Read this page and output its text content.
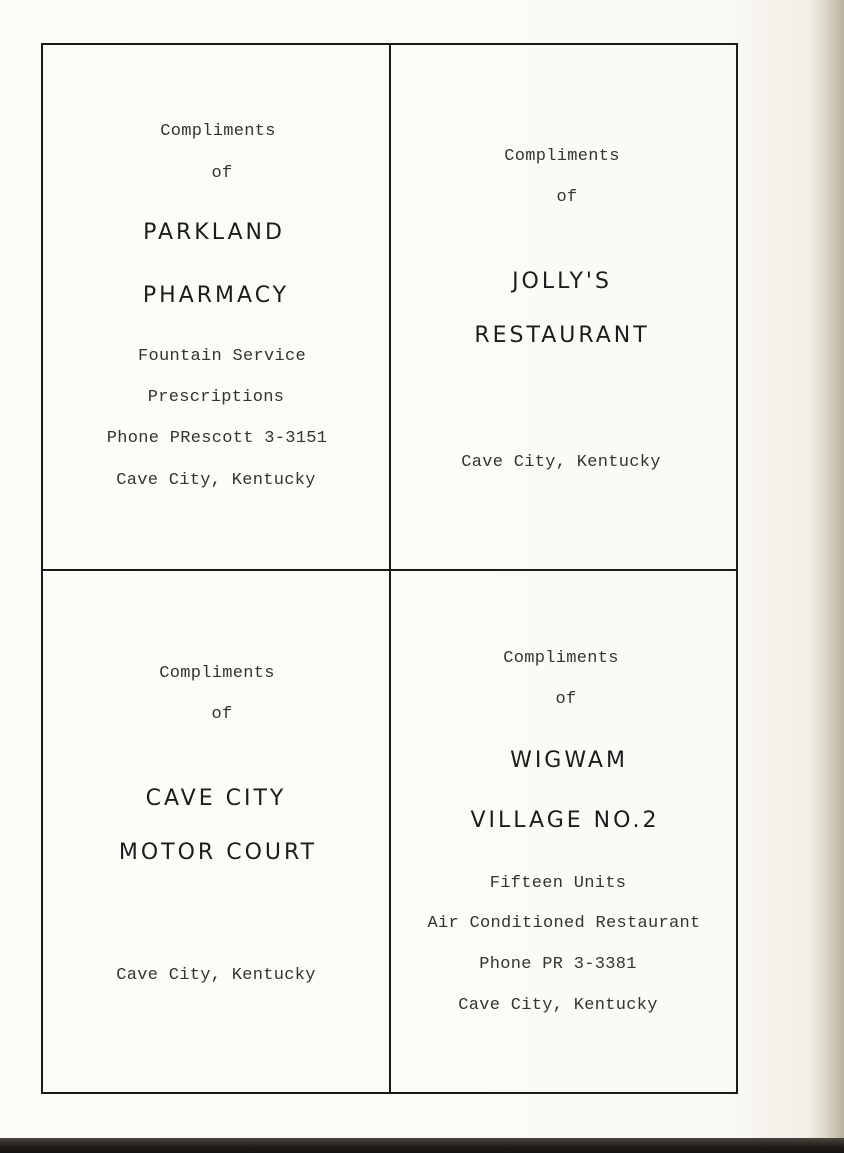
Compliments
of
PARKLAND
PHARMACY
Fountain Service
Prescriptions
Phone PRescott 3-3151
Cave City, Kentucky
Compliments
of
JOLLY'S
RESTAURANT
Cave City, Kentucky
Compliments
of
CAVE CITY
MOTOR COURT
Cave City, Kentucky
Compliments
of
WIGWAM
VILLAGE NO.2
Fifteen Units
Air Conditioned Restaurant
Phone PR 3-3381
Cave City, Kentucky
